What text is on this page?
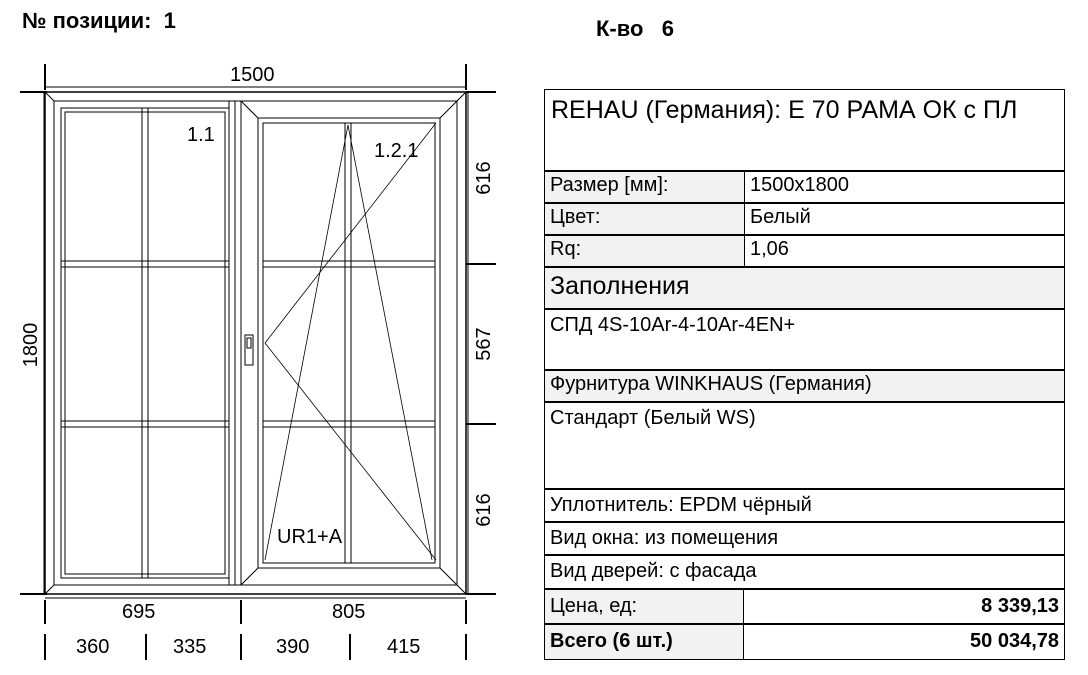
№ позиции: 1	К-во 6
1500
1800
1.1
1.2.1
UR1+A
616
567
616
695	805
360	335	390	415
REHAU (Германия): E 70 РАМА ОК с ПЛ
Размер [мм]:	1500x1800
Цвет:	Белый
Rq:	1,06
Заполнения
СПД 4S-10Ar-4-10Ar-4EN+
Фурнитура WINKHAUS (Германия)
Стандарт (Белый WS)
Уплотнитель: EPDM чёрный
Вид окна: из помещения
Вид дверей: с фасада
Цена, ед:	8 339,13
Всего (6 шт.)	50 034,78
